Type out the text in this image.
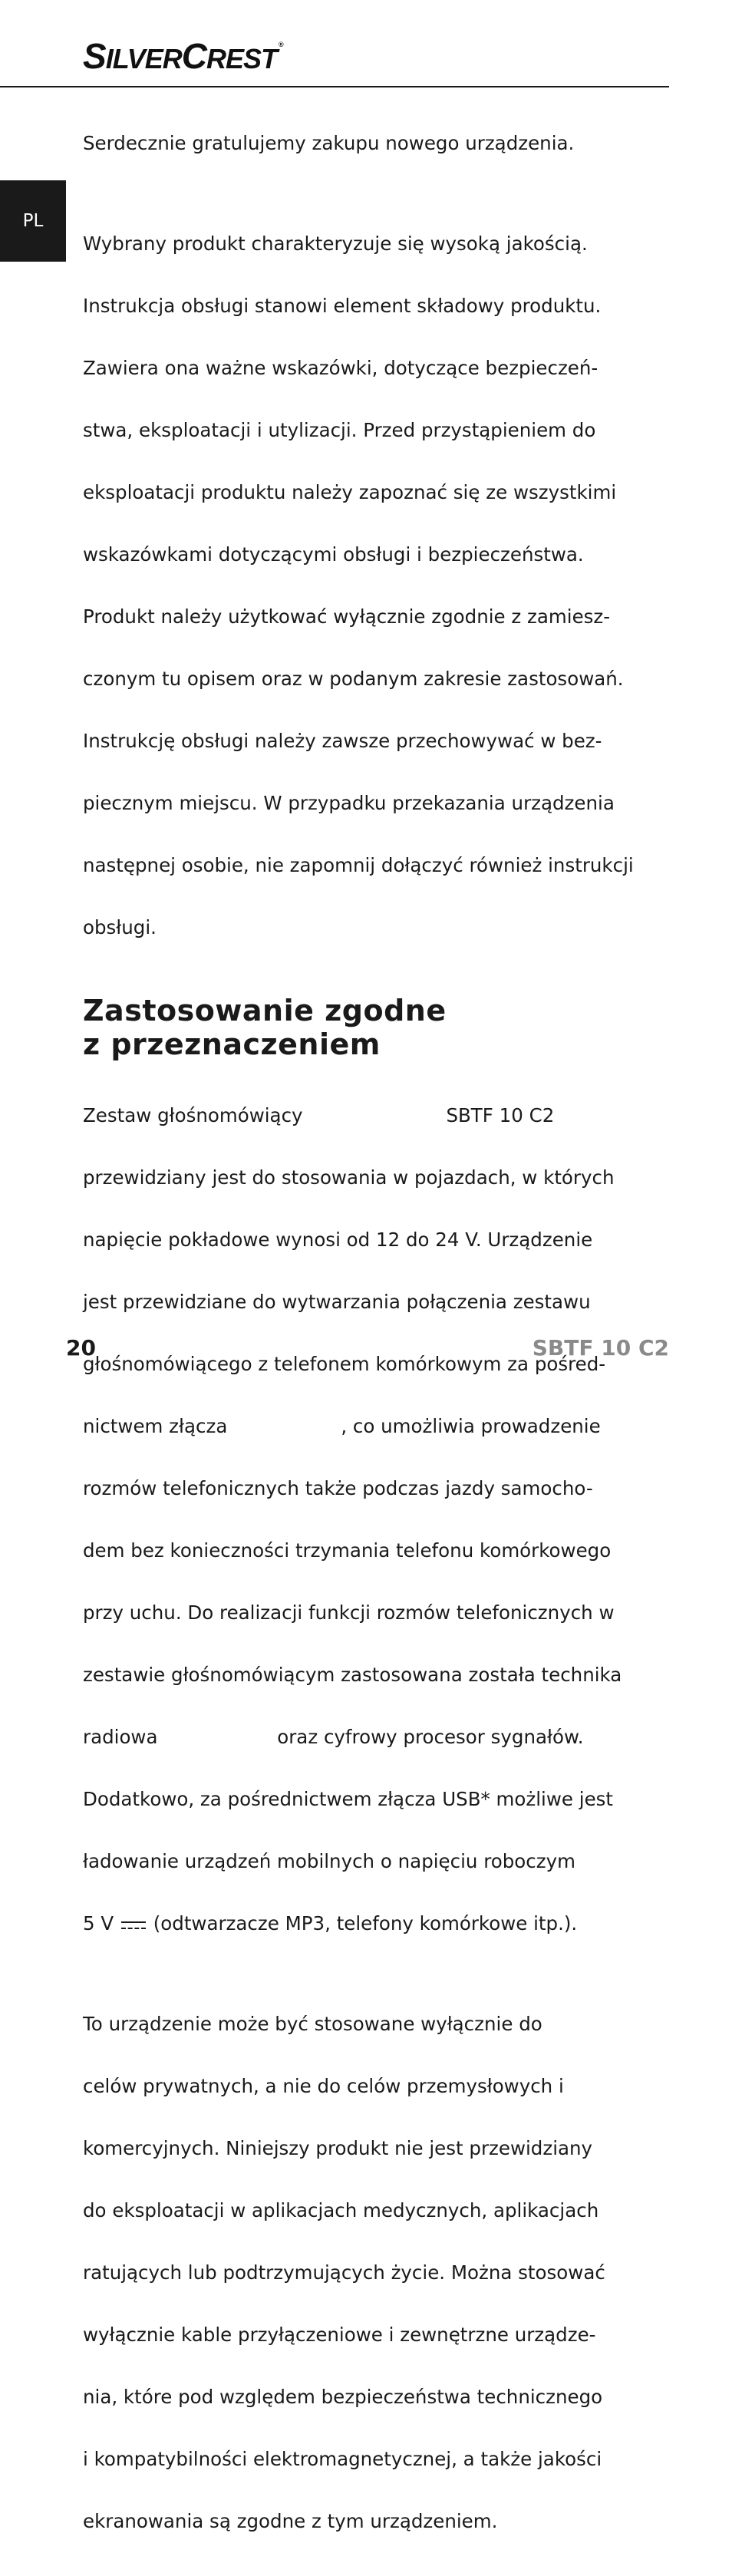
SILVERCREST ®
PL

Serdecznie gratulujemy zakupu nowego urządzenia.

Wybrany produkt charakteryzuje się wysoką jakością.

Instrukcja obsługi stanowi element składowy produktu.

Zawiera ona ważne wskazówki, dotyczące bezpieczeń-

stwa, eksploatacji i utylizacji. Przed przystąpieniem do

eksploatacji produktu należy zapoznać się ze wszystkimi

wskazówkami dotyczącymi obsługi i bezpieczeństwa.

Produkt należy użytkować wyłącznie zgodnie z zamiesz-

czonym tu opisem oraz w podanym zakresie zastosowań.

Instrukcję obsługi należy zawsze przechowywać w bez-

piecznym miejscu. W przypadku przekazania urządzenia

następnej osobie, nie zapomnij dołączyć również instrukcji

obsługi.

Zastosowanie zgodne
z przeznaczeniem

Zestaw głośnomówiący                        SBTF 10 C2

przewidziany jest do stosowania w pojazdach, w których

napięcie pokładowe wynosi od 12 do 24 V. Urządzenie

jest przewidziane do wytwarzania połączenia zestawu

głośnomówiącego z telefonem komórkowym za pośred-

nictwem złącza                   , co umożliwia prowadzenie

rozmów telefonicznych także podczas jazdy samocho-

dem bez konieczności trzymania telefonu komórkowego

przy uchu. Do realizacji funkcji rozmów telefonicznych w

zestawie głośnomówiącym zastosowana została technika

radiowa                    oraz cyfrowy procesor sygnałów.

Dodatkowo, za pośrednictwem złącza USB* możliwe jest

ładowanie urządzeń mobilnych o napięciu roboczym

5 V  (odtwarzacze MP3, telefony komórkowe itp.).

To urządzenie może być stosowane wyłącznie do

celów prywatnych, a nie do celów przemysłowych i

komercyjnych. Niniejszy produkt nie jest przewidziany

do eksploatacji w aplikacjach medycznych, aplikacjach

ratujących lub podtrzymujących życie. Można stosować

wyłącznie kable przyłączeniowe i zewnętrzne urządze-

nia, które pod względem bezpieczeństwa technicznego

i kompatybilności elektromagnetycznej, a także jakości

ekranowania są zgodne z tym urządzeniem.

20	SBTF 10 C2
